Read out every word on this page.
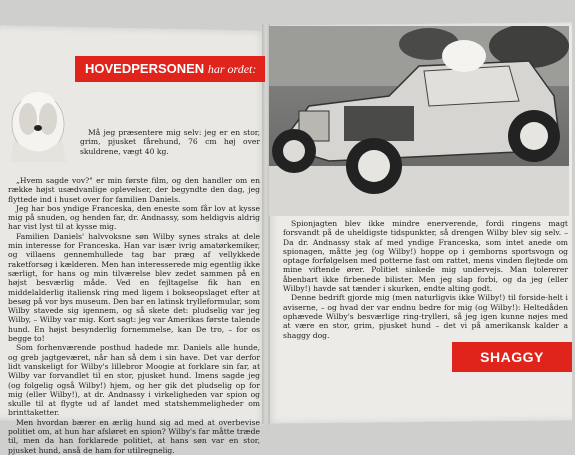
HOVEDPERSONEN har ordet:

Må jeg præsentere mig selv: jeg er en stor, grim, pjusket fårehund, 76 cm høj over skuldrene, vægt 40 kg.

„Hvem sagde vov?" er min første film, og den handler om en række højst usædvanlige oplevelser, der begyndte den dag, jeg flyttede ind i huset over for familien Daniels.

Jeg har bos yndige Franceska, den eneste som får lov at kysse mig på snuden, og henden far, dr. Andnassy, som heldigvis aldrig har vist lyst til at kysse mig.

Familien Daniels' halvvoksne søn Wilby synes straks at dele min interesse for Franceska. Han var især ivrig amatørkemiker, og villaens gennemhullede tag bar præg af vellykkede raketforsøg i kælderen. Men han interesserede mig egentlig ikke særligt, for hans og min tilværelse blev zedet sammen på en højst besværlig måde. Ved en fejltagelse fik han en middelalderlig italiensk ring med ligem i bokseopslaget efter at besøg på vor bys museum. Den bar en latinsk trylleformular, som Wilby stavede sig igennem, og så skete det: pludselig var jeg Wilby, – Wilby var mig. Kort sagt: jeg var Amerikas første talende hund. En højst besynderlig fornemmelse, kan De tro, – for os begge to!

Som forhenværende posthud hadede mr. Daniels alle hunde, og greb jagtgeværet, når han så dem i sin have. Det var derfor lidt vanskeligt for Wilby's lillebror Moogie at forklare sin far, at Wilby var forvandlet til en stor, pjusket hund. Imens sagde jeg (og folgelig også Wilby!) hjem, og her gik det pludselig op for mig (eller Wilby!), at dr. Andnassy i virkeligheden var spion og skulle til at flygte ud af landet med statshemmeligheder om brinttaketter.

Men hvordan bærer en ærlig hund sig ad med at overbevise politiet om, at hun har afsløret en spion? Wilby's far måtte træde til, men da han forklarede politiet, at hans søn var en stor, pjusket hund, anså de ham for utilregnelig.

Spionjagten blev ikke mindre enerverende, fordi ringens magt forsvandt på de uheldigste tidspunkter, så drengen Wilby blev sig selv. – Da dr. Andnassy stak af med yndige Franceska, som intet anede om spionagen, måtte jeg (og Wilby!) hoppe op i gemborns sportsvogn og optage forfølgelsen med potterne fast om rattet, mens vinden flejtede om mine viftende ører. Politiet sinkede mig undervejs. Man tolererer åbenbart ikke firbenede bilister. Men jeg slap forbi, og da jeg (eller Wilby!) havde sat tænder i skurken, endte alting godt.

Denne bedrift gjorde mig (men naturligvis ikke Wilby!) til forside-helt i aviserne, – og hvad der var endnu bedre for mig (og Wilby!): Heltedåden ophævede Wilby's besværlige ring-trylleri, så jeg igen kunne nøjes med at være en stor, grim, pjusket hund – det vi på amerikansk kalder a shaggy dog.

SHAGGY
